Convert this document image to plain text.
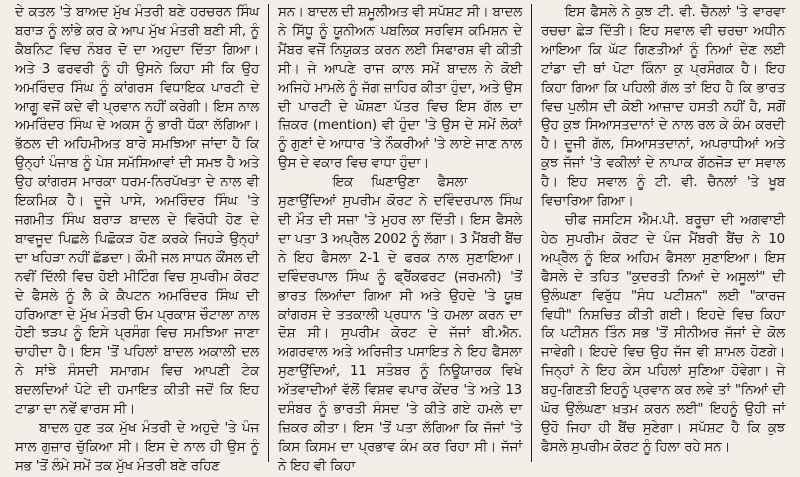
ਦੇ ਕਤਲ 'ਤੇ ਬਾਅਦ ਮੁੱਖ ਮੰਤਰੀ ਬਣੇ ਹਰਚਰਨ ਸਿੰਘ ਬਰਾੜ ਨੂੰ ਲਾਂਭੇ ਕਰ ਕੇ ਆਪ ਮੁੱਖ ਮੰਤਰੀ ਬਣੀ ਸੀ, ਨੂੰ ਕੈਬਨਿਟ ਵਿਚ ਨੰਬਰ ਦੋ ਦਾ ਅਹੁਦਾ ਦਿੱਤਾ ਗਿਆ। ਅਤੇ 3 ਫਰਵਰੀ ਨੂੰ ਹੀ ਉਸਨੇ ਕਿਹਾ ਸੀ ਕਿ ਉਹ ਅਮਰਿੰਦਰ ਸਿੰਘ ਨੂੰ ਕਾਂਗਰਸ ਵਿਧਾਇਕ ਪਾਰਟੀ ਦੇ ਆਗੂ ਵਜੋਂ ਕਦੇ ਵੀ ਪ੍ਰਵਾਨ ਨਹੀਂ ਕਰੇਗੀ। ਇਸ ਨਾਲ ਅਮਰਿੰਦਰ ਸਿੰਘ ਦੇ ਅਕਸ ਨੂੰ ਭਾਰੀ ਧੱਕਾ ਲੱਗਿਆ। ਭੱਠਲ ਦੀ ਅਹਿਮੀਅਤ ਬਾਰੇ ਸਮਝਿਆ ਜਾਂਦਾ ਹੈ ਕਿ ਉਨ੍ਹਾਂ ਪੰਜਾਬ ਨੂੰ ਪੇਸ਼ ਸਮੱਸਿਆਵਾਂ ਦੀ ਸਮਝ ਹੈ ਅਤੇ ਉਹ ਕਾਂਗਰਸ ਮਾਰਕਾ ਧਰਮ-ਨਿਰਪੱਖਤਾ ਦੇ ਨਾਲ ਵੀ ਇਕਮਿਕ ਹੈ। ਦੂਜੇ ਪਾਸੇ, ਅਮਰਿੰਦਰ ਸਿੰਘ 'ਤੇ ਜਗਮੀਤ ਸਿੰਘ ਬਰਾੜ ਬਾਦਲ ਦੇ ਵਿਰੋਧੀ ਹੋਣ ਦੇ ਬਾਵਜੂਦ ਪਿਛਲੇ ਪਿਛੋਕੜ ਹੋਣ ਕਰਕੇ ਜਿਹੜੇ ਉਨ੍ਹਾਂ ਦਾ ਖਹਿੜਾ ਨਹੀਂ ਛੱਡਦਾ। ਕੌਮੀ ਜਲ ਸਾਧਨ ਕੌਂਸਲ ਦੀ ਨਵੀਂ ਦਿੱਲੀ ਵਿਚ ਹੋਈ ਮੀਟਿੰਗ ਵਿਚ ਸੁਪਰੀਮ ਕੋਰਟ ਦੇ ਫੈਸਲੇ ਨੂੰ ਲੈ ਕੇ ਕੈਪਟਨ ਅਮਰਿੰਦਰ ਸਿੰਘ ਦੀ ਹਰਿਆਣਾ ਦੇ ਮੁੱਖ ਮੰਤਰੀ ਓਮ ਪ੍ਰਕਾਸ਼ ਚੌਟਾਲਾ ਨਾਲ ਹੋਈ ਝੜਪ ਨੂੰ ਇਸੇ ਪ੍ਰਸੰਗ ਵਿਚ ਸਮਝਿਆ ਜਾਣਾ ਚਾਹੀਦਾ ਹੈ। ਇਸ 'ਤੋਂ ਪਹਿਲਾਂ ਬਾਦਲ ਅਕਾਲੀ ਦਲ ਨੇ ਸਾਂਝੇ ਸੰਸਦੀ ਸਮਾਗਮ ਵਿਚ ਆਪਣੀ ਟੇਕ ਬਦਲਦਿਆਂ ਪੋਟੇ ਦੀ ਹਮਾਇਤ ਕੀਤੀ ਜਦੋਂ ਕਿ ਇਹ ਟਾਡਾ ਦਾ ਨਵੇਂ ਵਾਰਸ ਸੀ।

ਬਾਦਲ ਹੁਣ ਤਕ ਮੁੱਖ ਮੰਤਰੀ ਦੇ ਅਹੁਦੇ 'ਤੇ ਪੰਜ ਸਾਲ ਗੁਜ਼ਾਰ ਚੁੱਕਿਆ ਸੀ। ਇਸ ਦੇ ਨਾਲ ਹੀ ਉਸ ਨੂੰ ਸਭ 'ਤੋਂ ਲੰਮੇ ਸਮੇਂ ਤਕ ਮੁੱਖ ਮੰਤਰੀ ਬਣੇ ਰਹਿਣ

ਸਨ। ਬਾਦਲ ਦੀ ਸ਼ਮੂਲੀਅਤ ਵੀ ਸਪੱਸ਼ਟ ਸੀ। ਬਾਦਲ ਨੇ ਸਿੱਧੂ ਨੂੰ ਯੂਨੀਅਨ ਪਬਲਿਕ ਸਰਵਿਸ ਕਮਿਸ਼ਨ ਦੇ ਮੈਂਬਰ ਵਜੋਂ ਨਿਯੁਕਤ ਕਰਨ ਲਈ ਸਿਫਾਰਸ਼ ਵੀ ਕੀਤੀ ਸੀ। ਜੇ ਆਪਣੇ ਰਾਜ ਕਾਲ ਸਮੇਂ ਬਾਦਲ ਨੇ ਕੋਈ ਅਜਿਹੇ ਮਾਮਲੇ ਨੂੰ ਜੱਗ ਜ਼ਾਹਿਰ ਕੀਤਾ ਹੁੰਦਾ, ਅਤੇ ਉਸ ਦੀ ਪਾਰਟੀ ਦੇ ਘੋਸ਼ਣਾ ਪੱਤਰ ਵਿਚ ਇਸ ਗੱਲ ਦਾ ਜ਼ਿਕਰ (mention) ਵੀ ਹੁੰਦਾ 'ਤੇ ਉਸ ਦੇ ਸਮੇਂ ਲੋਕਾਂ ਨੂੰ ਗੁਣਾਂ ਦੇ ਆਧਾਰ 'ਤੇ ਨੌਕਰੀਆਂ 'ਤੇ ਲਾਏ ਜਾਣ ਨਾਲ ਉਸ ਦੇ ਵਕਾਰ ਵਿਚ ਵਾਧਾ ਹੁੰਦਾ।

ਇਕ ਘਿਣਾਉਣਾ ਫੈਸਲਾ

ਸੁਣਾਉਂਦਿਆਂ ਸੁਪਰੀਮ ਕੋਰਟ ਨੇ ਦਵਿੰਦਰਪਾਲ ਸਿੰਘ ਦੀ ਮੌਤ ਦੀ ਸਜ਼ਾ 'ਤੇ ਮੁਹਰ ਲਾ ਦਿੱਤੀ। ਇਸ ਫੈਸਲੇ ਦਾ ਪਤਾ 3 ਅਪ੍ਰੈਲ 2002 ਨੂੰ ਲੱਗਾ। 3 ਮੈਂਬਰੀ ਬੈਂਚ ਨੇ ਇਹ ਫੈਸਲਾ 2-1 ਦੇ ਫਰਕ ਨਾਲ ਸੁਣਾਇਆ। ਦਵਿੰਦਰਪਾਲ ਸਿੰਘ ਨੂੰ ਫ੍ਰੈਂਕਫਰਟ (ਜਰਮਨੀ) 'ਤੋਂ ਭਾਰਤ ਲਿਆਂਦਾ ਗਿਆ ਸੀ ਅਤੇ ਉਹਦੇ 'ਤੇ ਯੂਥ ਕਾਂਗਰਸ ਦੇ ਤਤਕਾਲੀ ਪ੍ਰਧਾਨ 'ਤੇ ਹਮਲਾ ਕਰਨ ਦਾ ਦੋਸ਼ ਸੀ। ਸੁਪਰੀਮ ਕੋਰਟ ਦੇ ਜੱਜਾਂ ਬੀ.ਐਨ. ਅਗਰਵਾਲ ਅਤੇ ਅਰਿਜੀਤ ਪਸਾਇਤ ਨੇ ਇਹ ਫੈਸਲਾ ਸੁਣਾਉਂਦਿਆਂ, 11 ਸਤੰਬਰ ਨੂੰ ਨਿਊਯਾਰਕ ਵਿਖੇ ਅੱਤਵਾਦੀਆਂ ਵੱਲੋਂ ਵਿਸ਼ਵ ਵਪਾਰ ਕੇਂਦਰ 'ਤੇ ਅਤੇ 13 ਦਸੰਬਰ ਨੂੰ ਭਾਰਤੀ ਸੰਸਦ 'ਤੇ ਕੀਤੇ ਗਏ ਹਮਲੇ ਦਾ ਜ਼ਿਕਰ ਕੀਤਾ। ਇਸ 'ਤੋਂ ਪਤਾ ਲੱਗਿਆ ਕਿ ਜੱਜਾਂ 'ਤੇ ਕਿਸ ਕਿਸਮ ਦਾ ਪ੍ਰਭਾਵ ਕੰਮ ਕਰ ਰਿਹਾ ਸੀ। ਜੱਜਾਂ ਨੇ ਇਹ ਵੀ ਕਿਹਾ

ਇਸ ਫੈਸਲੇ ਨੇ ਕੁਝ ਟੀ. ਵੀ. ਚੈਨਲਾਂ 'ਤੇ ਵਾਰਵਾ ਰਚਚਾ ਛੇੜ ਦਿੱਤੀ। ਇਹ ਸਵਾਲ ਵੀ ਚਰਚਾ ਅਧੀਨ ਆਇਆ ਕਿ ਘੱਟ ਗਿਣਤੀਆਂ ਨੂੰ ਨਿਆਂ ਦੇਣ ਲਈ ਟਾਂਡਾ ਦੀ ਥਾਂ ਪੋਟਾ ਕਿੰਨਾ ਕੁ ਪ੍ਰਸੰਗਕ ਹੈ। ਇਹ ਕਿਹਾ ਗਿਆ ਕਿ ਪਹਿਲੀ ਗੱਲ ਤਾਂ ਇਹ ਹੈ ਕਿ ਭਾਰਤ ਵਿਚ ਪੁਲੀਸ ਦੀ ਕੋਈ ਆਜ਼ਾਦ ਹਸਤੀ ਨਹੀਂ ਹੈ, ਸਗੋਂ ਉਹ ਕੁਝ ਸਿਆਸਤਦਾਨਾਂ ਦੇ ਨਾਲ ਰਲ ਕੇ ਕੰਮ ਕਰਦੀ ਹੈ। ਦੂਜੀ ਗੱਲ, ਸਿਆਸਤਦਾਨਾਂ, ਅਪਰਾਧੀਆਂ ਅਤੇ ਕੁਝ ਜੱਜਾਂ 'ਤੇ ਵਕੀਲਾਂ ਦੇ ਨਾਪਾਕ ਗੱਠਜੋੜ ਦਾ ਸਵਾਲ ਹੈ। ਇਹ ਸਵਾਲ ਨੂੰ ਟੀ. ਵੀ. ਚੈਨਲਾਂ 'ਤੇ ਖੂਬ ਵਿਚਾਰਿਆ ਗਿਆ।

ਚੀਫ ਜਸਟਿਸ ਐਮ.ਪੀ. ਬਰੂਚਾ ਦੀ ਅਗਵਾਈ ਹੇਠ ਸੁਪਰੀਮ ਕੋਰਟ ਦੇ ਪੰਜ ਮੈਂਬਰੀ ਬੈਂਚ ਨੇ 10 ਅਪ੍ਰੈਲ ਨੂੰ ਇਕ ਅਹਿਮ ਫੈਸਲਾ ਸੁਣਾਇਆ। ਇਸ ਫੈਸਲੇ ਦੇ ਤਹਿਤ "ਕੁਦਰਤੀ ਨਿਆਂ ਦੇ ਅਸੂਲਾਂ" ਦੀ ਉਲੰਘਣਾ ਵਿਰੁੱਧ "ਸੰਧ ਪਟੀਸ਼ਨ" ਲਈ "ਕਾਰਜ ਵਿਧੀ" ਨਿਸ਼ਚਿਤ ਕੀਤੀ ਗਈ। ਇਹਦੇ ਵਿਚ ਕਿਹਾ ਕਿ ਪਟੀਸ਼ਨ ਤਿੰਨ ਸਭ 'ਤੋਂ ਸੀਨੀਅਰ ਜੱਜਾਂ ਦੇ ਕੋਲ ਜਾਵੇਗੀ। ਇਹਦੇ ਵਿਚ ਉਹ ਜੱਜ ਵੀ ਸ਼ਾਮਲ ਹੋਣਗੇ। ਜਿਨ੍ਹਾਂ ਨੇ ਇਹ ਕੇਸ ਪਹਿਲਾਂ ਸੁਣਿਆ ਹੋਵੇਗਾ। ਜੇ ਬਹੁ-ਗਿਣਤੀ ਇਹਨੂੰ ਪ੍ਰਵਾਨ ਕਰ ਲਵੇ ਤਾਂ "ਨਿਆਂ ਦੀ ਘੋਰ ਉਲੰਘਣਾ ਖ਼ਤਮ ਕਰਨ ਲਈ" ਇਹਨੂੰ ਉਹੀ ਜਾਂ ਉਹੋ ਜਿਹਾ ਹੀ ਬੈਂਚ ਸੁਣੇਗਾ। ਸਪੱਸ਼ਟ ਹੈ ਕਿ ਕੁਝ ਫੈਸਲੇ ਸੁਪਰੀਮ ਕੋਰਟ ਨੂੰ ਹਿਲਾ ਰਹੇ ਸਨ।
